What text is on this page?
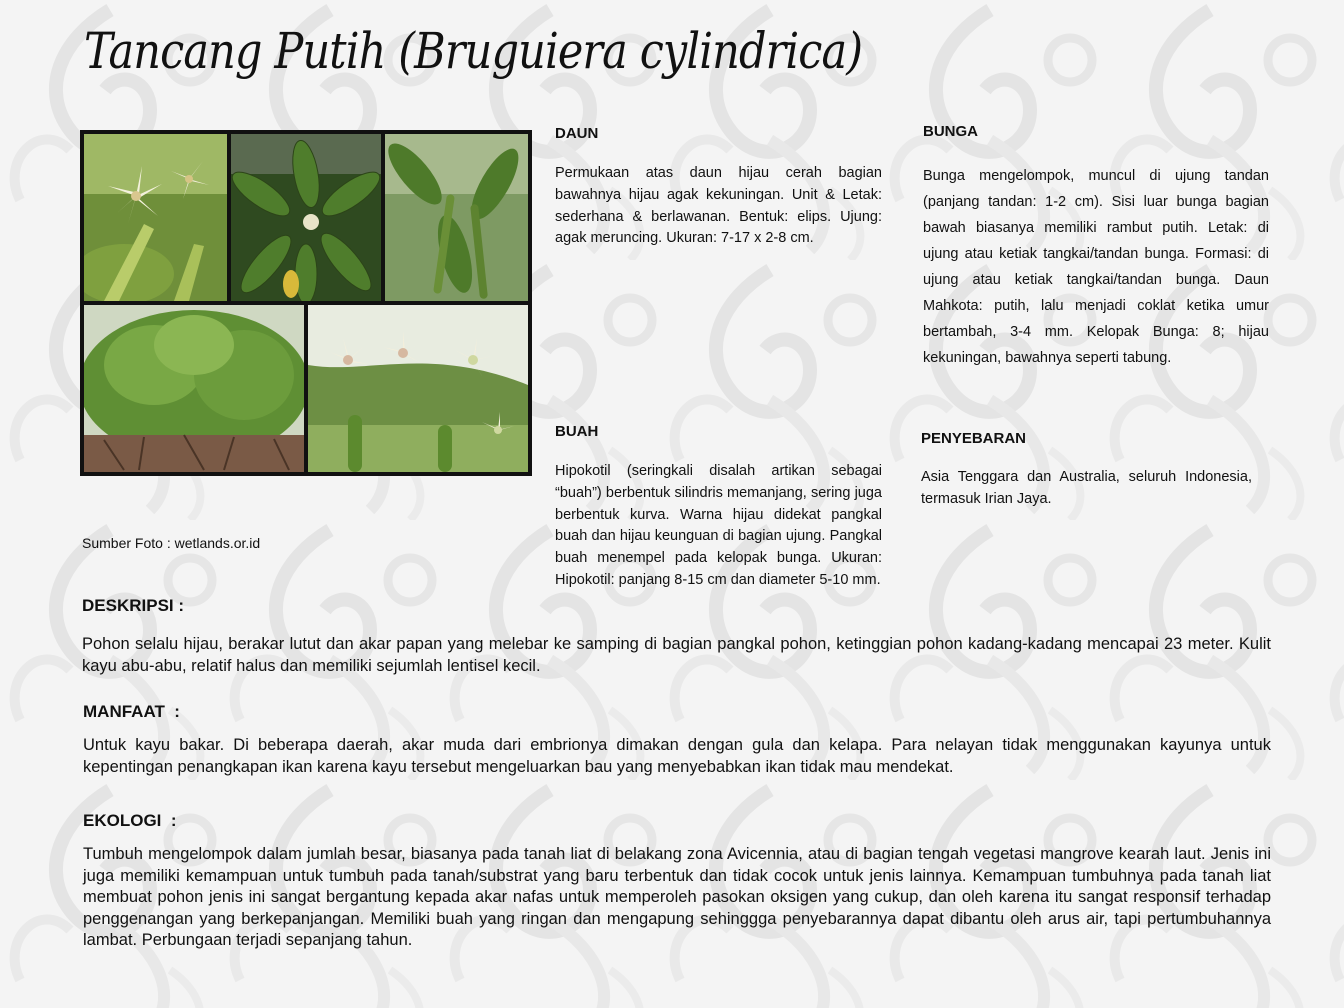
Tancang Putih (Bruguiera cylindrica)
Sumber Foto : wetlands.or.id
DAUN
Permukaan atas daun hijau cerah bagian bawahnya hijau agak kekuningan. Unit & Letak: sederhana & berlawanan. Bentuk: elips. Ujung: agak meruncing. Ukuran: 7-17 x 2-8 cm.
BUAH
Hipokotil (seringkali disalah artikan sebagai “buah”) berbentuk silindris memanjang, sering juga berbentuk kurva. Warna hijau didekat pangkal buah dan hijau keunguan di bagian ujung. Pangkal buah menempel pada kelopak bunga. Ukuran: Hipokotil: panjang 8-15 cm dan diameter 5-10 mm.
BUNGA
Bunga mengelompok, muncul di ujung tandan (panjang tandan: 1-2 cm). Sisi luar bunga bagian bawah biasanya memiliki rambut putih. Letak: di ujung atau ketiak tangkai/tandan bunga. Formasi: di ujung atau ketiak tangkai/tandan bunga. Daun Mahkota: putih, lalu menjadi coklat ketika umur bertambah, 3-4 mm. Kelopak Bunga: 8; hijau kekuningan, bawahnya seperti tabung.
PENYEBARAN
Asia Tenggara dan Australia, seluruh Indonesia, termasuk Irian Jaya.
DESKRIPSI :
Pohon selalu hijau, berakar lutut dan akar papan yang melebar ke samping di bagian pangkal pohon, ketinggian pohon kadang-kadang mencapai 23 meter. Kulit kayu abu-abu, relatif halus dan memiliki sejumlah lentisel kecil.
MANFAAT  :
Untuk kayu bakar. Di beberapa daerah, akar muda dari embrionya dimakan dengan gula dan kelapa. Para nelayan tidak menggunakan kayunya untuk kepentingan penangkapan ikan karena kayu tersebut mengeluarkan bau yang menyebabkan ikan tidak mau mendekat.
EKOLOGI  :
Tumbuh mengelompok dalam jumlah besar, biasanya pada tanah liat di belakang zona Avicennia, atau di bagian tengah vegetasi mangrove kearah laut. Jenis ini juga memiliki kemampuan untuk tumbuh pada tanah/substrat yang baru terbentuk dan tidak cocok untuk jenis lainnya. Kemampuan tumbuhnya pada tanah liat membuat pohon jenis ini sangat bergantung kepada akar nafas untuk memperoleh pasokan oksigen yang cukup, dan oleh karena itu sangat responsif terhadap penggenangan yang berkepanjangan. Memiliki buah yang ringan dan mengapung sehinggga penyebarannya dapat dibantu oleh arus air, tapi pertumbuhannya lambat. Perbungaan terjadi sepanjang tahun.
